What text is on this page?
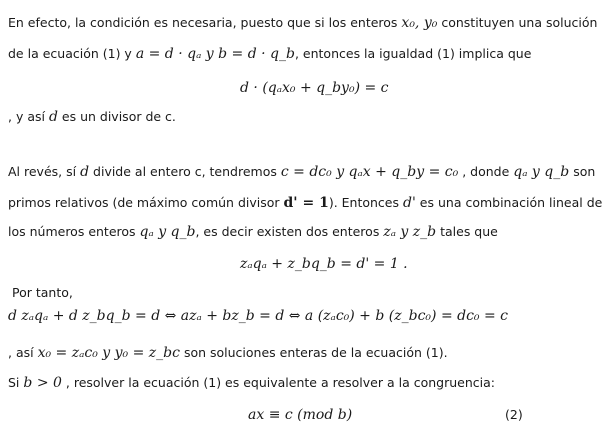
En efecto, la condición es necesaria, puesto que si los enteros x₀, y₀ constituyen una solución
de la ecuación (1) y a = d · qₐ y b = d · q_b, entonces la igualdad (1) implica que
d · (qₐx₀ + q_by₀) = c
, y así d es un divisor de c.
Al revés, sí d divide al entero c, tendremos c = dc₀ y qₐx + q_by = c₀ , donde qₐ y q_b son
primos relativos (de máximo común divisor d' = 1). Entonces d' es una combinación lineal de
los números enteros qₐ y q_b, es decir existen dos enteros zₐ y z_b tales que
zₐqₐ + z_bq_b = d' = 1 .
Por tanto,
d zₐqₐ + d z_bq_b = d ⇔ azₐ + bz_b = d ⇔ a (zₐc₀) + b (z_bc₀) = dc₀ = c
, así x₀ = zₐc₀ y y₀ = z_bc son soluciones enteras de la ecuación (1).
Si b > 0 , resolver la ecuación (1) es equivalente a resolver a la congruencia:
ax ≡ c (mod b)	(2)
